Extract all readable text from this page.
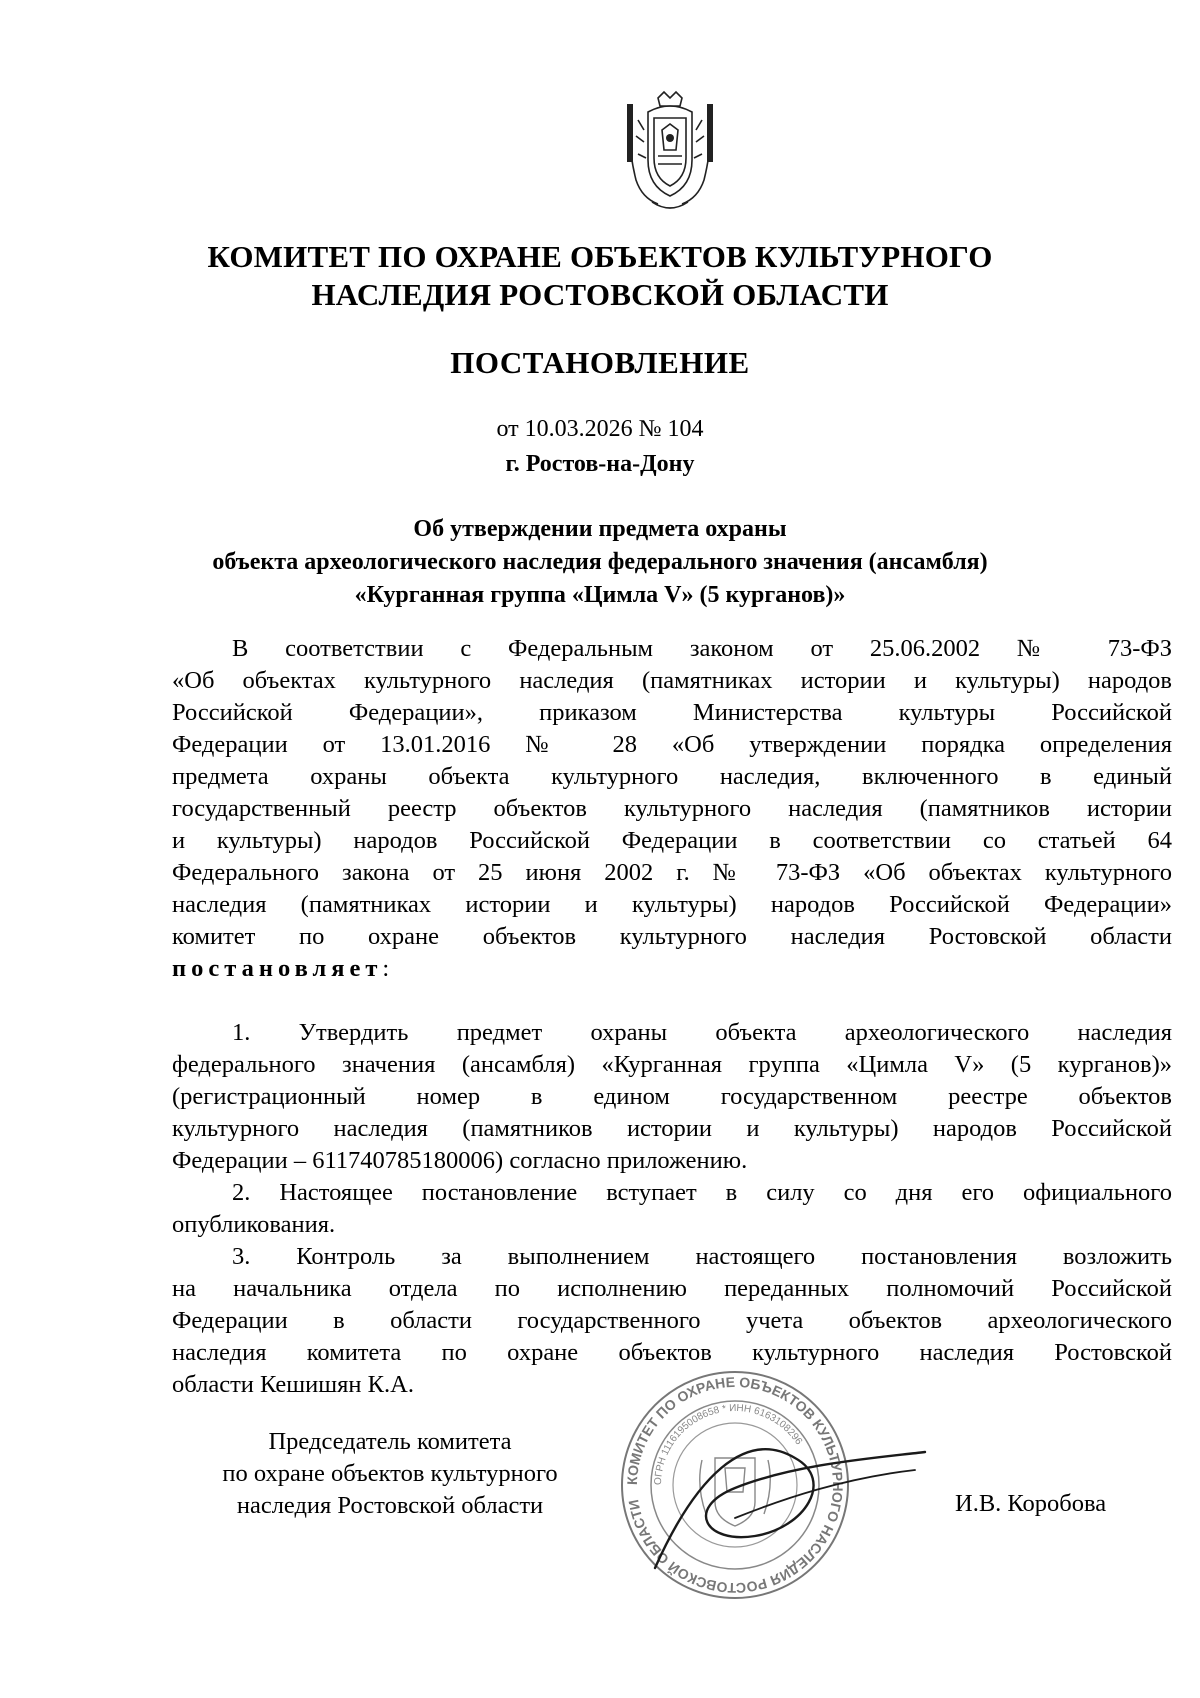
КОМИТЕТ ПО ОХРАНЕ ОБЪЕКТОВ КУЛЬТУРНОГО
НАСЛЕДИЯ РОСТОВСКОЙ ОБЛАСТИ
ПОСТАНОВЛЕНИЕ
от 10.03.2026 № 104
г. Ростов-на-Дону
Об утверждении предмета охраны
объекта археологического наследия федерального значения (ансамбля)
«Курганная группа «Цимла V» (5 курганов)»
В соответствии с Федеральным законом от 25.06.2002 № 73-ФЗ
«Об объектах культурного наследия (памятниках истории и культуры) народов
Российской Федерации», приказом Министерства культуры Российской
Федерации от 13.01.2016 № 28 «Об утверждении порядка определения
предмета охраны объекта культурного наследия, включенного в единый
государственный реестр объектов культурного наследия (памятников истории
и культуры) народов Российской Федерации в соответствии со статьей 64
Федерального закона от 25 июня 2002 г. № 73-ФЗ «Об объектах культурного
наследия (памятниках истории и культуры) народов Российской Федерации»
комитет по охране объектов культурного наследия Ростовской области
постановляет:
1. Утвердить предмет охраны объекта археологического наследия
федерального значения (ансамбля) «Курганная группа «Цимла V» (5 курганов)»
(регистрационный номер в едином государственном реестре объектов
культурного наследия (памятников истории и культуры) народов Российской
Федерации – 611740785180006) согласно приложению.
2. Настоящее постановление вступает в силу со дня его официального
опубликования.
3. Контроль за выполнением настоящего постановления возложить
на начальника отдела по исполнению переданных полномочий Российской
Федерации в области государственного учета объектов археологического
наследия комитета по охране объектов культурного наследия Ростовской
области Кешишян К.А.
КОМИТЕТ ПО ОХРАНЕ ОБЪЕКТОВ КУЛЬТУРНОГО НАСЛЕДИЯ РОСТОВСКОЙ ОБЛАСТИ
ОГРН 1116195008658 * ИНН 6163108296
Председатель комитета
по охране объектов культурного
наследия Ростовской области	И.В. Коробова
